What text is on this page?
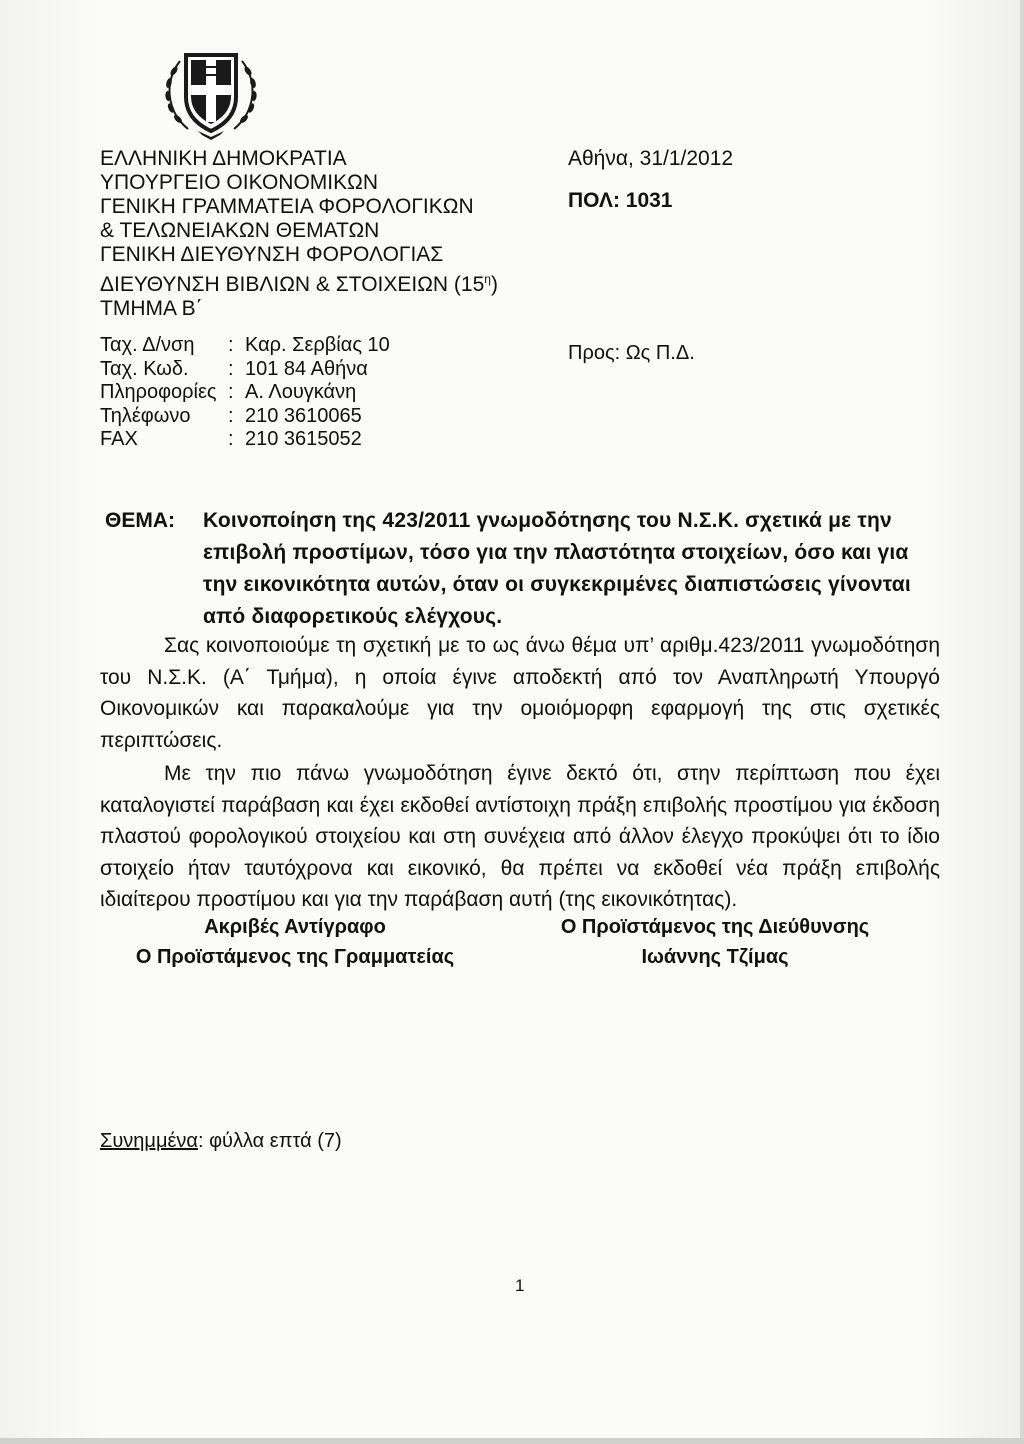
ΕΛΛΗΝΙΚΗ ΔΗΜΟΚΡΑΤΙΑ
ΥΠΟΥΡΓΕΙΟ ΟΙΚΟΝΟΜΙΚΩΝ
ΓΕΝΙΚΗ ΓΡΑΜΜΑΤΕΙΑ ΦΟΡΟΛΟΓΙΚΩΝ
& ΤΕΛΩΝΕΙΑΚΩΝ ΘΕΜΑΤΩΝ
ΓΕΝΙΚΗ ΔΙΕΥΘΥΝΣΗ ΦΟΡΟΛΟΓΙΑΣ
ΔΙΕΥΘΥΝΣΗ ΒΙΒΛΙΩΝ & ΣΤΟΙΧΕΙΩΝ $(15^\eta)$
ΤΜΗΜΑ Β΄
Αθήνα, 31/1/2012
ΠΟΛ: 1031
Προς: Ως Π.Δ.
Ταχ. Δ/νση : Καρ. Σερβίας 10
Ταχ. Κωδ. : 101 84 Αθήνα
Πληροφορίες : Α. Λουγκάνη
Τηλέφωνο : 210 3610065
FAX	: 210 3615052
ΘΕΜΑ: Κοινοποίηση της 423/2011 γνωμοδότησης του Ν.Σ.Κ. σχετικά με την επιβολή προστίμων, τόσο για την πλαστότητα στοιχείων, όσο και για την εικονικότητα αυτών, όταν οι συγκεκριμένες διαπιστώσεις γίνονται από διαφορετικούς ελέγχους.

Σας κοινοποιούμε τη σχετική με το ως άνω θέμα υπ’ αριθμ.423/2011 γνωμοδότηση του Ν.Σ.Κ. (Α΄ Τμήμα), η οποία έγινε αποδεκτή από τον Αναπληρωτή Υπουργό Οικονομικών και παρακαλούμε για την ομοιόμορφη εφαρμογή της στις σχετικές περιπτώσεις.

Με την πιο πάνω γνωμοδότηση έγινε δεκτό ότι, στην περίπτωση που έχει καταλογιστεί παράβαση και έχει εκδοθεί αντίστοιχη πράξη επιβολής προστίμου για έκδοση πλαστού φορολογικού στοιχείου και στη συνέχεια από άλλον έλεγχο προκύψει ότι το ίδιο στοιχείο ήταν ταυτόχρονα και εικονικό, θα πρέπει να εκδοθεί νέα πράξη επιβολής ιδιαίτερου προστίμου και για την παράβαση αυτή (της εικονικότητας).

Ακριβές Αντίγραφο
Ο Προϊστάμενος της Γραμματείας
Ο Προϊστάμενος της Διεύθυνσης
Ιωάννης Τζίμας
Συνημμένα: φύλλα επτά (7)
1
